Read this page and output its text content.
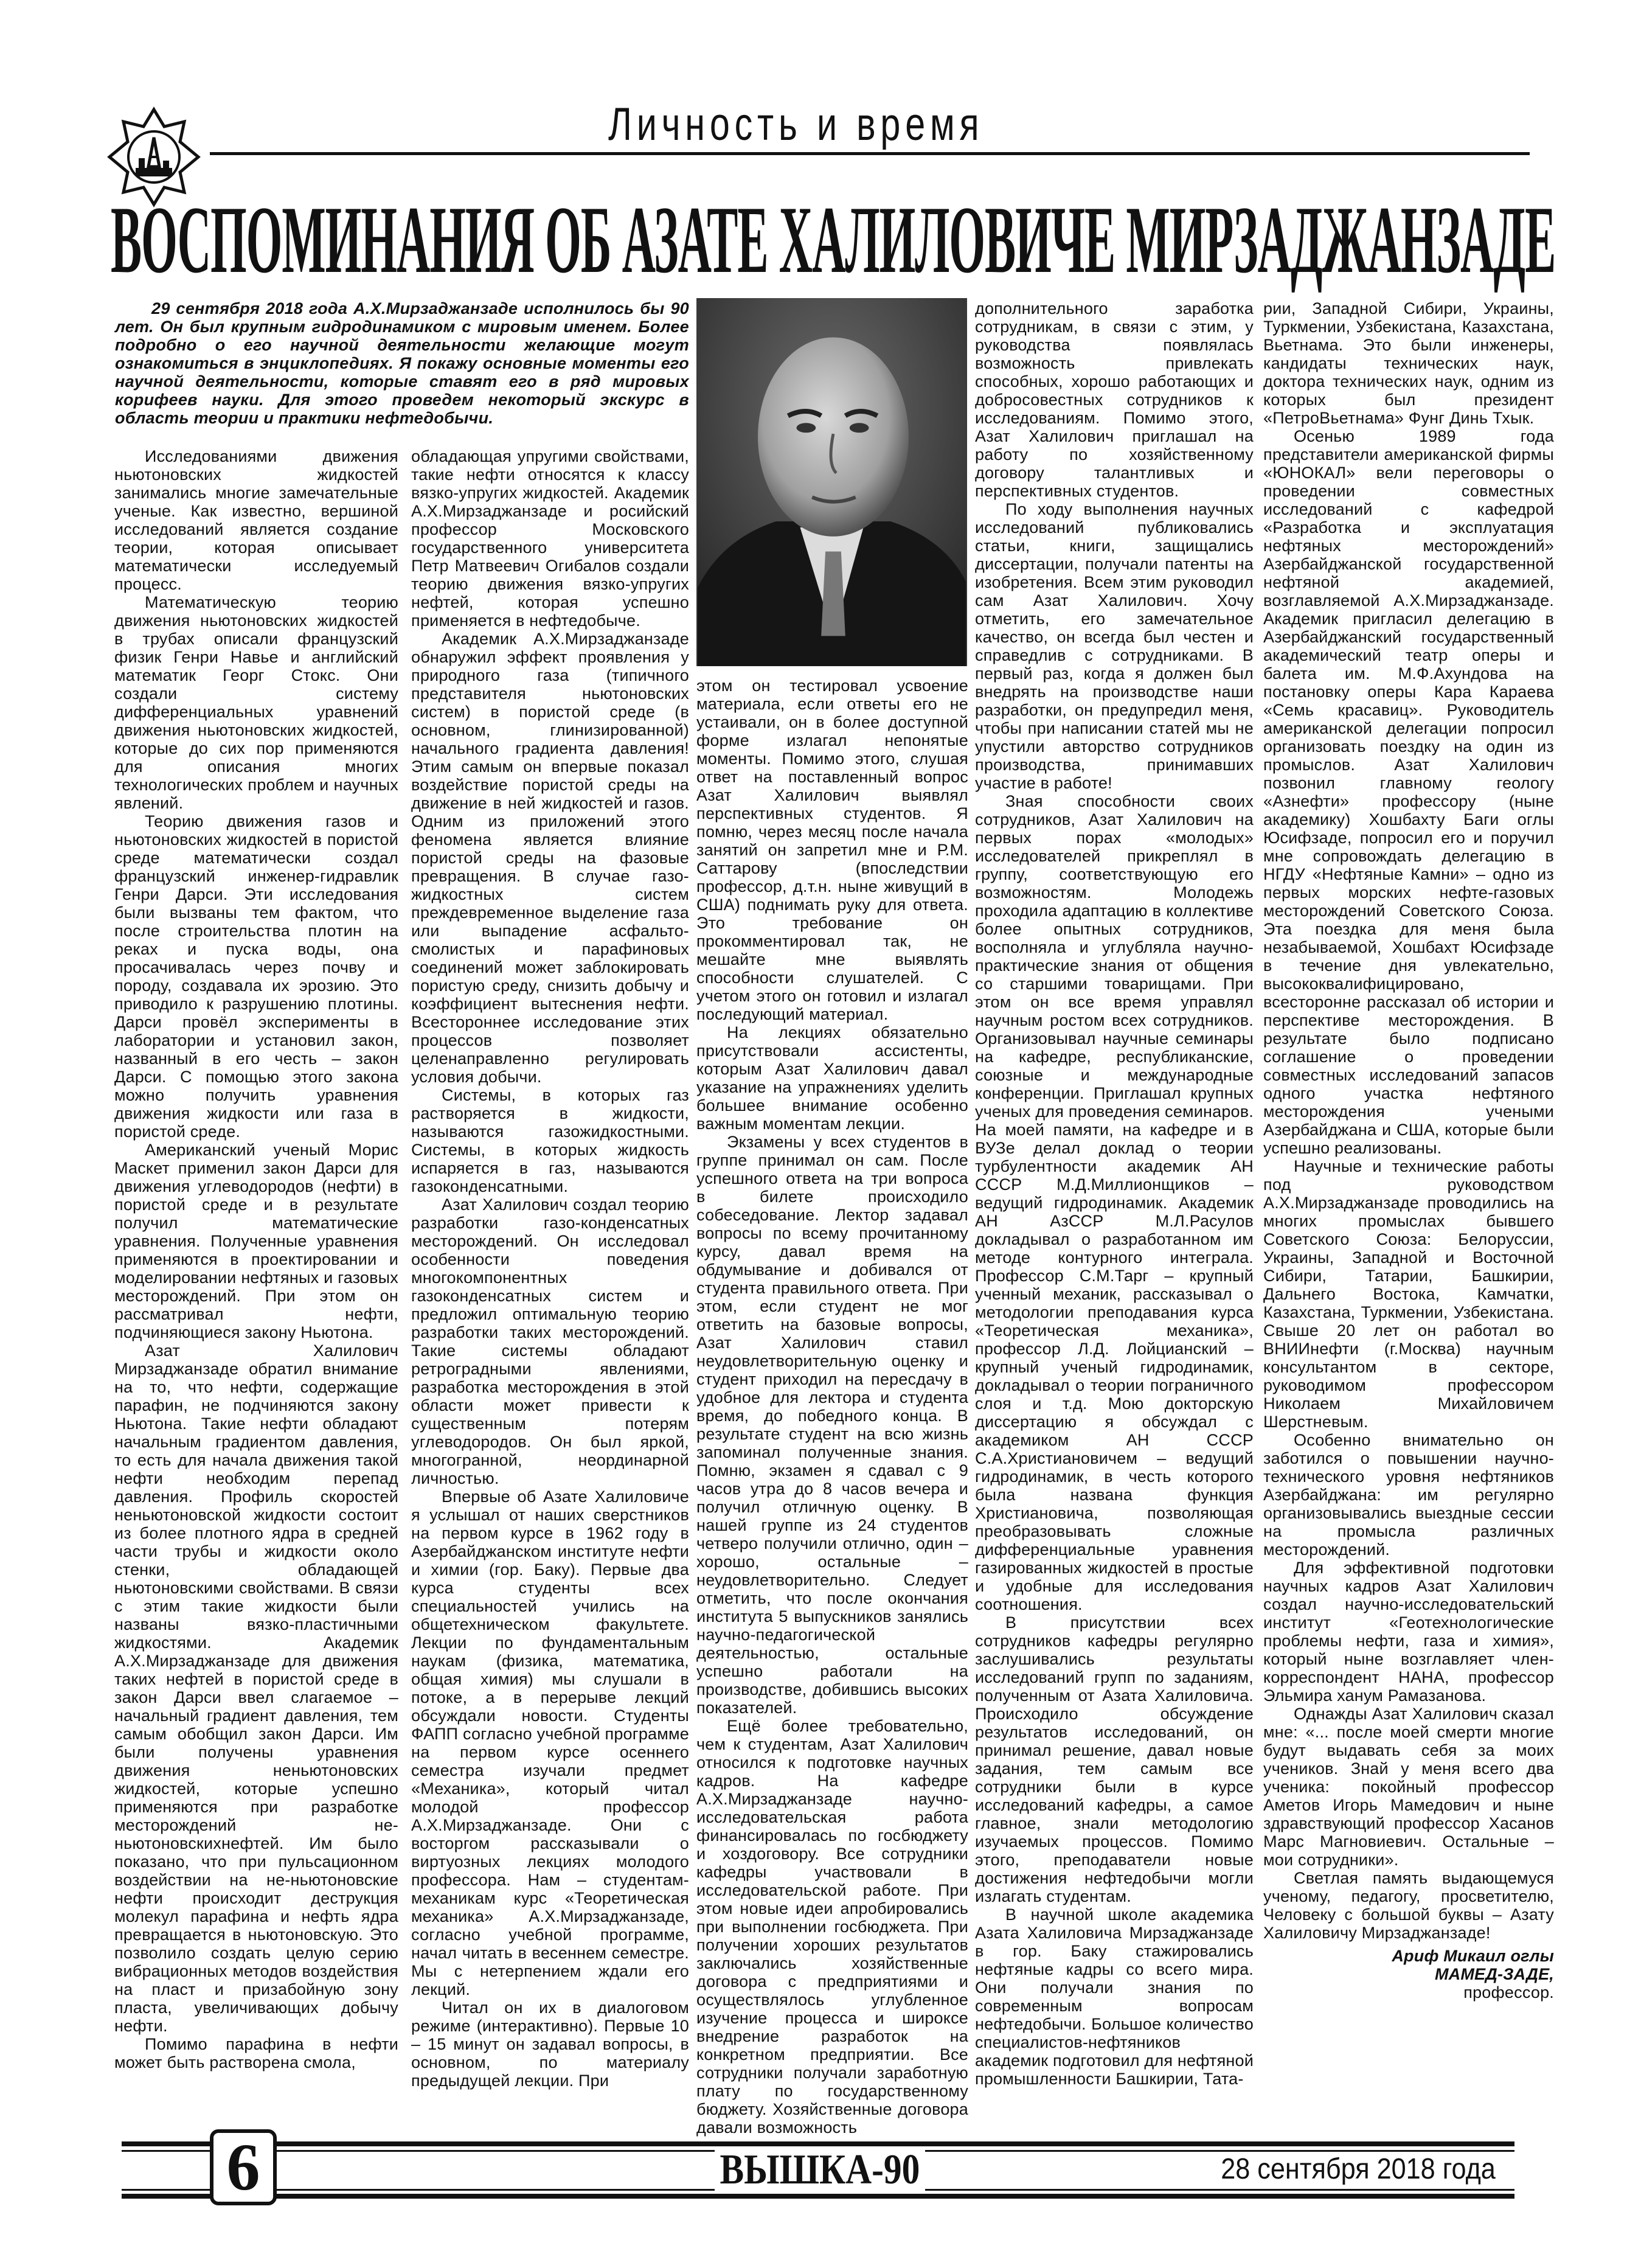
Личность и время
ВОСПОМИНАНИЯ ОБ АЗАТЕ ХАЛИЛОВИЧЕ МИРЗАДЖАНЗАДЕ

29 сентября 2018 года А.Х.Мирзаджанзаде исполнилось бы 90 лет. Он был крупным гидродинамиком с мировым именем. Более подробно о его научной деятельности желающие могут ознакомиться в энциклопедиях. Я покажу основные моменты его научной деятельности, которые ставят его в ряд мировых корифеев науки. Для этого проведем некоторый экскурс в область теории и практики нефтедобычи.

Исследованиями движения ньютоновских жидкостей занимались многие замечательные ученые. Как известно, вершиной исследований является создание теории, которая описывает математически исследуемый процесс.

Математическую теорию движения ньютоновских жидкостей в трубах описали французский физик Генри Навье и английский математик Георг Стокс. Они создали систему дифференциальных уравнений движения ньютоновских жидкостей, которые до сих пор применяются для описания многих технологических проблем и научных явлений.

Теорию движения газов и ньютоновских жидкостей в пористой среде математически создал французский инженер-гидравлик Генри Дарси. Эти исследования были вызваны тем фактом, что после строительства плотин на реках и пуска воды, она просачивалась через почву и породу, создавала их эрозию. Это приводило к разрушению плотины. Дарси провёл эксперименты в лаборатории и установил закон, названный в его честь – закон Дарси. С помощью этого закона можно получить уравнения движения жидкости или газа в пористой среде.

Американский ученый Морис Маскет применил закон Дарси для движения углеводородов (нефти) в пористой среде и в результате получил математические уравнения. Полученные уравнения применяются в проектировании и моделировании нефтяных и газовых месторождений. При этом он рассматривал нефти, подчиняющиеся закону Ньютона.

Азат Халилович Мирзаджанзаде обратил внимание на то, что нефти, содержащие парафин, не подчиняются закону Ньютона. Такие нефти обладают начальным градиентом давления, то есть для начала движения такой нефти необходим перепад давления. Профиль скоростей неньютоновской жидкости состоит из более плотного ядра в средней части трубы и жидкости около стенки, обладающей ньютоновскими свойствами. В связи с этим такие жидкости были названы вязко-пластичными жидкостями. Академик А.Х.Мирзаджанзаде для движения таких нефтей в пористой среде в закон Дарси ввел слагаемое – начальный градиент давления, тем самым обобщил закон Дарси. Им были получены уравнения движения неньютоновских жидкостей, которые успешно применяются при разработке месторождений не-ньютоновскихнефтей. Им было показано, что при пульсационном воздействии на не-ньютоновские нефти происходит деструкция молекул парафина и нефть ядра превращается в ньютоновскую. Это позволило создать целую серию вибрационных методов воздействия на пласт и призабойную зону пласта, увеличивающих добычу нефти.

Помимо парафина в нефти может быть растворена смола,

обладающая упругими свойствами, такие нефти относятся к классу вязко-упругих жидкостей. Академик А.Х.Мирзаджанзаде и росийский профессор Московского государственного университета Петр Матвеевич Огибалов создали теорию движения вязко-упругих нефтей, которая успешно применяется в нефтедобыче.

Академик А.Х.Мирзаджанзаде обнаружил эффект проявления у природного газа (типичного представителя ньютоновских систем) в пористой среде (в основном, глинизированной) начального градиента давления! Этим самым он впервые показал воздействие пористой среды на движение в ней жидкостей и газов. Одним из приложений этого феномена является влияние пористой среды на фазовые превращения. В случае газо-жидкостных систем преждевременное выделение газа или выпадение асфальто-смолистых и парафиновых соединений может заблокировать пористую среду, снизить добычу и коэффициент вытеснения нефти. Всестороннее исследование этих процессов позволяет целенаправленно регулировать условия добычи.

Системы, в которых газ растворяется в жидкости, называются газожидкостными. Системы, в которых жидкость испаряется в газ, называются газоконденсатными.

Азат Халилович создал теорию разработки газо-конденсатных месторождений. Он исследовал особенности поведения многокомпонентных газоконденсатных систем и предложил оптимальную теорию разработки таких месторождений. Такие системы обладают ретроградными явлениями, разработка месторождения в этой области может привести к существенным потерям углеводородов. Он был яркой, многогранной, неординарной личностью.

Впервые об Азате Халиловиче я услышал от наших сверстников на первом курсе в 1962 году в Азербайджанском институте нефти и химии (гор. Баку). Первые два курса студенты всех специальностей учились на общетехническом факультете. Лекции по фундаментальным наукам (физика, математика, общая химия) мы слушали в потоке, а в перерыве лекций обсуждали новости. Студенты ФАПП согласно учебной программе на первом курсе осеннего семестра изучали предмет «Механика», который читал молодой профессор А.Х.Мирзаджанзаде. Они с восторгом рассказывали о виртуозных лекциях молодого профессора. Нам – студентам-механикам курс «Теоретическая механика» А.Х.Мирзаджанзаде, согласно учебной программе, начал читать в весеннем семестре. Мы с нетерпением ждали его лекций.

Читал он их в диалоговом режиме (интерактивно). Первые 10 – 15 минут он задавал вопросы, в основном, по материалу предыдущей лекции. При

этом он тестировал усвоение материала, если ответы его не устаивали, он в более доступной форме излагал непонятые моменты. Помимо этого, слушая ответ на поставленный вопрос Азат Халилович выявлял перспективных студентов. Я помню, через месяц после начала занятий он запретил мне и Р.М. Саттарову (впоследствии профессор, д.т.н. ныне живущий в США) поднимать руку для ответа. Это требование он прокомментировал так, не мешайте мне выявлять способности слушателей. С учетом этого он готовил и излагал последующий материал.

На лекциях обязательно присутствовали ассистенты, которым Азат Халилович давал указание на упражнениях уделить большее внимание особенно важным моментам лекции.

Экзамены у всех студентов в группе принимал он сам. После успешного ответа на три вопроса в билете происходило собеседование. Лектор задавал вопросы по всему прочитанному курсу, давал время на обдумывание и добивался от студента правильного ответа. При этом, если студент не мог ответить на базовые вопросы, Азат Халилович ставил неудовлетворительную оценку и студент приходил на пересдачу в удобное для лектора и студента время, до победного конца. В результате студент на всю жизнь запоминал полученные знания. Помню, экзамен я сдавал с 9 часов утра до 8 часов вечера и получил отличную оценку. В нашей группе из 24 студентов четверо получили отлично, один – хорошо, остальные – неудовлетворительно. Следует отметить, что после окончания института 5 выпускников занялись научно-педагогической деятельностью, остальные успешно работали на производстве, добившись высоких показателей.

Ещё более требовательно, чем к студентам, Азат Халилович относился к подготовке научных кадров. На кафедре А.Х.Мирзаджанзаде научно-исследовательская работа финансировалась по госбюджету и хоздоговору. Все сотрудники кафедры участвовали в исследовательской работе. При этом новые идеи апробировались при выполнении госбюджета. При получении хороших результатов заключались хозяйственные договора с предприятиями и осуществлялось углубленное изучение процесса и широксе внедрение разработок на конкретном предприятии. Все сотрудники получали заработную плату по государственному бюджету. Хозяйственные договора давали возможность

дополнительного заработка сотрудникам, в связи с этим, у руководства появлялась возможность привлекать способных, хорошо работающих и добросовестных сотрудников к исследованиям. Помимо этого, Азат Халилович приглашал на работу по хозяйственному договору талантливых и перспективных студентов.

По ходу выполнения научных исследований публиковались статьи, книги, защищались диссертации, получали патенты на изобретения. Всем этим руководил сам Азат Халилович. Хочу отметить, его замечательное качество, он всегда был честен и справедлив с сотрудниками. В первый раз, когда я должен был внедрять на производстве наши разработки, он предупредил меня, чтобы при написании статей мы не упустили авторство сотрудников производства, принимавших участие в работе!

Зная способности своих сотрудников, Азат Халилович на первых порах «молодых» исследователей прикреплял в группу, соответствующую его возможностям. Молодежь проходила адаптацию в коллективе более опытных сотрудников, восполняла и углубляла научно-практические знания от общения со старшими товарищами. При этом он все время управлял научным ростом всех сотрудников. Организовывал научные семинары на кафедре, республиканские, союзные и международные конференции. Приглашал крупных ученых для проведения семинаров. На моей памяти, на кафедре и в ВУЗе делал доклад о теории турбулентности академик АН СССР М.Д.Миллионщиков – ведущий гидродинамик. Академик АН АзССР М.Л.Расулов докладывал о разработанном им методе контурного интеграла. Профессор С.М.Тарг – крупный ученный механик, рассказывал о методологии преподавания курса «Теоретическая механика», профессор Л.Д. Лойцианский – крупный ученый гидродинамик, докладывал о теории пограничного слоя и т.д. Мою докторскую диссертацию я обсуждал с академиком АН СССР С.А.Христиановичем – ведущий гидродинамик, в честь которого была названа функция Христиановича, позволяющая преобразовывать сложные дифференциальные уравнения газированных жидкостей в простые и удобные для исследования соотношения.

В присутствии всех сотрудников кафедры регулярно заслушивались результаты исследований групп по заданиям, полученным от Азата Халиловича. Происходило обсуждение результатов исследований, он принимал решение, давал новые задания, тем самым все сотрудники были в курсе исследований кафедры, а самое главное, знали методологию изучаемых процессов. Помимо этого, преподаватели новые достижения нефтедобычи могли излагать студентам.

В научной школе академика Азата Халиловича Мирзаджанзаде в гор. Баку стажировались нефтяные кадры со всего мира. Они получали знания по современным вопросам нефтедобычи. Большое количество специалистов-нефтяников академик подготовил для нефтяной промышленности Башкирии, Тата-

рии, Западной Сибири, Украины, Туркмении, Узбекистана, Казахстана, Вьетнама. Это были инженеры, кандидаты технических наук, доктора технических наук, одним из которых был президент «ПетроВьетнама» Фунг Динь Тхык.

Осенью 1989 года представители американской фирмы «ЮНОКАЛ» вели переговоры о проведении совместных исследований с кафедрой «Разработка и эксплуатация нефтяных месторождений» Азербайджанской государственной нефтяной академией, возглавляемой А.Х.Мирзаджанзаде. Академик пригласил делегацию в Азербайджанский государственный академический театр оперы и балета им. М.Ф.Ахундова на постановку оперы Кара Караева «Семь красавиц». Руководитель американской делегации попросил организовать поездку на один из промыслов. Азат Халилович позвонил главному геологу «Азнефти» профессору (ныне академику) Хошбахту Баги оглы Юсифзаде, попросил его и поручил мне сопровождать делегацию в НГДУ «Нефтяные Камни» – одно из первых морских нефте-газовых месторождений Советского Союза. Эта поездка для меня была незабываемой, Хошбахт Юсифзаде в течение дня увлекательно, высококвалифицировано, всесторонне рассказал об истории и перспективе месторождения. В результате было подписано соглашение о проведении совместных исследований запасов одного участка нефтяного месторождения учеными Азербайджана и США, которые были успешно реализованы.

Научные и технические работы под руководством А.Х.Мирзаджанзаде проводились на многих промыслах бывшего Советского Союза: Белоруссии, Украины, Западной и Восточной Сибири, Татарии, Башкирии, Дальнего Востока, Камчатки, Казахстана, Туркмении, Узбекистана. Свыше 20 лет он работал во ВНИИнефти (г.Москва) научным консультантом в секторе, руководимом профессором Николаем Михайловичем Шерстневым.

Особенно внимательно он заботился о повышении научно-технического уровня нефтяников Азербайджана: им регулярно организовывались выездные сессии на промысла различных месторождений.

Для эффективной подготовки научных кадров Азат Халилович создал научно-исследовательский институт «Геотехнологические проблемы нефти, газа и химия», который ныне возглавляет член-корреспондент НАНА, профессор Эльмира ханум Рамазанова.

Однажды Азат Халилович сказал мне: «... после моей смерти многие будут выдавать себя за моих учеников. Знай у меня всего два ученика: покойный профессор Аметов Игорь Мамедович и ныне здравствующий профессор Хасанов Марс Магновиевич. Остальные – мои сотрудники».

Светлая память выдающемуся ученому, педагогу, просветителю, Человеку с большой буквы – Азату Халиловичу Мирзаджанзаде!

Ариф Микаил оглы

МАМЕД-ЗАДЕ,

профессор.

6	ВЫШКА-90	28 сентября 2018 года
